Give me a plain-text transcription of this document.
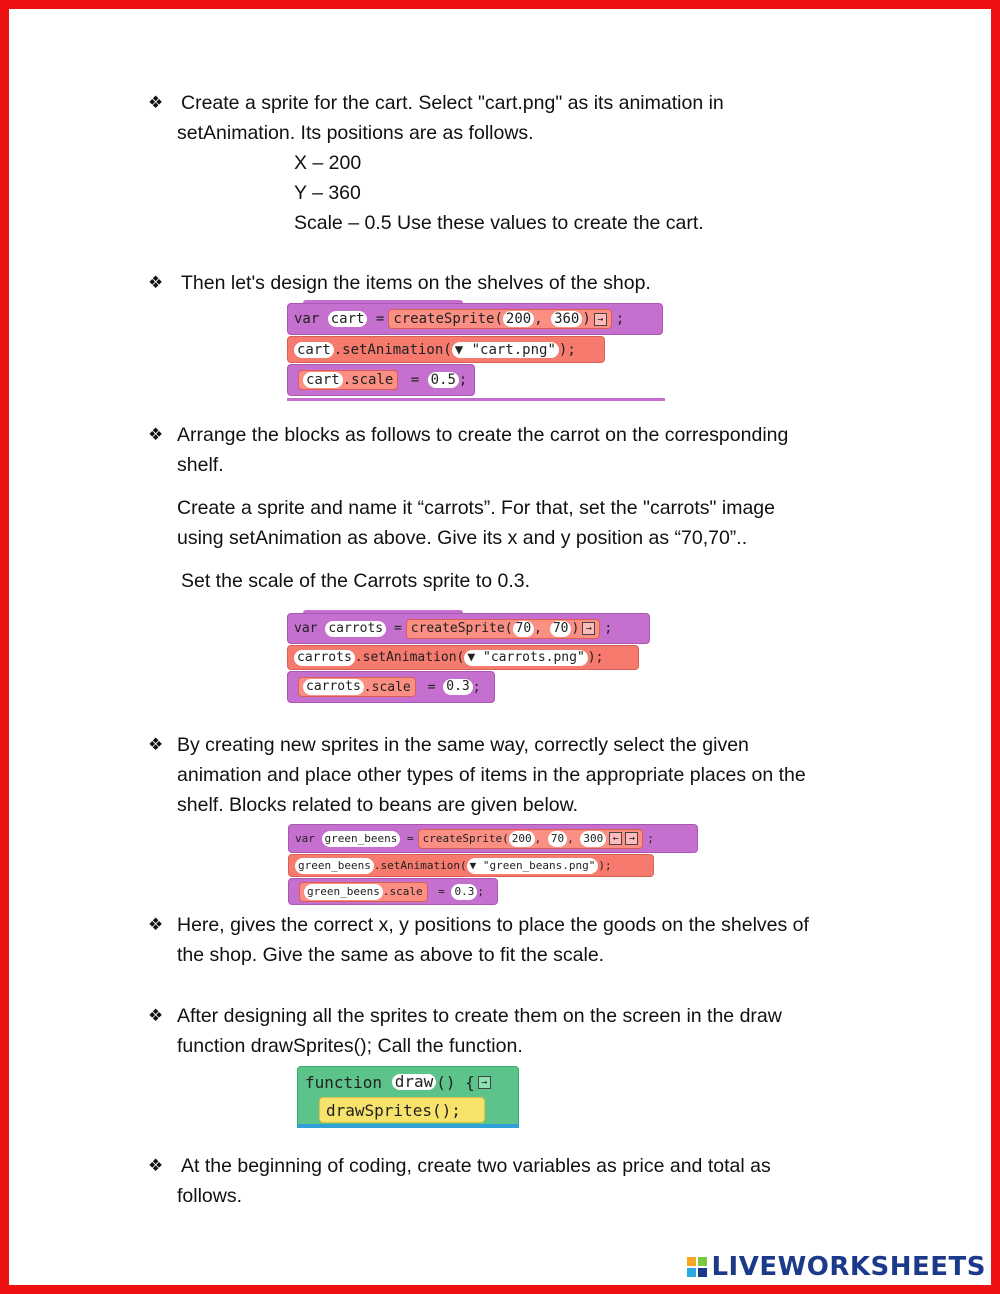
❖ Create a sprite for the cart. Select "cart.png" as its animation in
setAnimation. Its positions are as follows.
X – 200
Y – 360
Scale – 0.5 Use these values to create the cart.
❖ Then let's design the items on the shelves of the shop.
var
cart
= createSprite ( 200 , 360 ) → ;
cart .setAnimation( ▼ "cart.png" );
cart .scale
=
0.5 ;
❖ Arrange the blocks as follows to create the carrot on the corresponding
shelf.
Create a sprite and name it “carrots”. For that, set the "carrots" image
using setAnimation as above. Give its x and y position as “70,70”..
Set the scale of the Carrots sprite to 0.3.
var
carrots
= createSprite ( 70 , 70 ) → ;
carrots .setAnimation( ▼ "carrots.png" );
carrots .scale
=
0.3 ;
❖ By creating new sprites in the same way, correctly select the given
animation and place other types of items in the appropriate places on the
shelf. Blocks related to beans are given below.
var
green_beens
= createSprite ( 200 , 70 , 300 ← →	;
green_beens .setAnimation( ▼ "green_beans.png" );
green_beens .scale
=
0.3 ;
❖ Here, gives the correct x, y positions to place the goods on the shelves of
the shop. Give the same as above to fit the scale.
❖ After designing all the sprites to create them on the screen in the draw
function drawSprites(); Call the function.
function
draw () { →
drawSprites();
❖ At the beginning of coding, create two variables as price and total as
follows.
LIVEWORKSHEETS
